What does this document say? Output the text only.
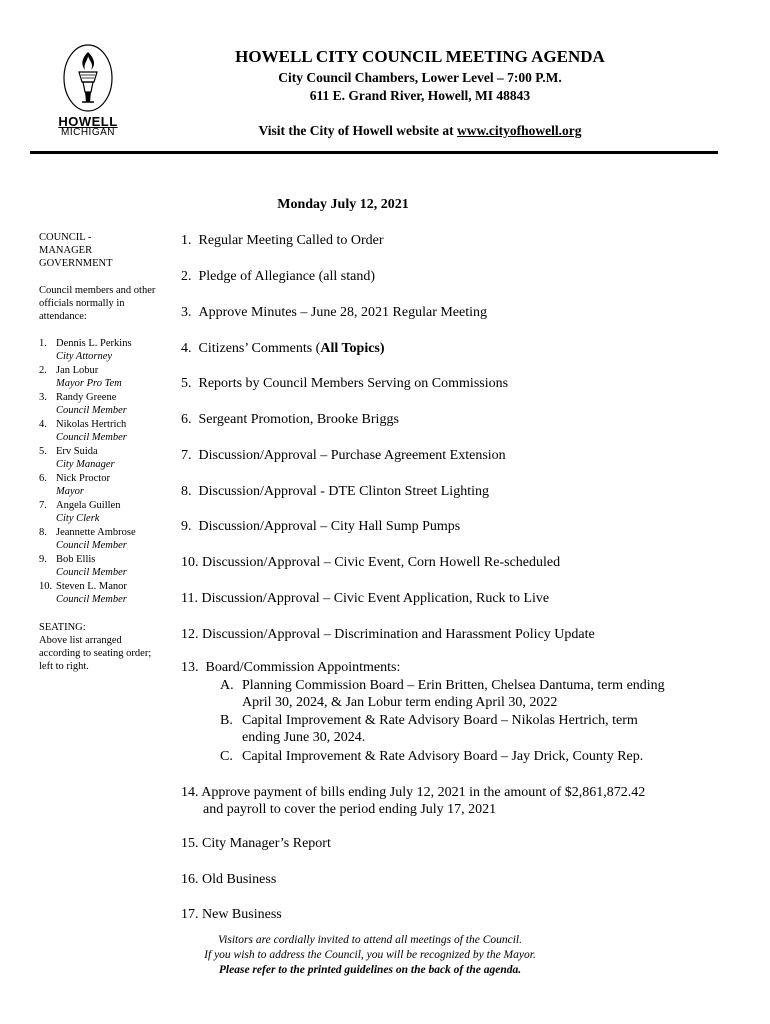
HOWELL
MICHIGAN
HOWELL CITY COUNCIL MEETING AGENDA
City Council Chambers, Lower Level – 7:00 P.M.
611 E. Grand River, Howell, MI 48843
Visit the City of Howell website at www.cityofhowell.org
Monday July 12, 2021

COUNCIL -

MANAGER

GOVERNMENT

Council members and other officials normally in attendance:

1. Dennis L. Perkins
City Attorney
2. Jan Lobur
Mayor Pro Tem
3. Randy Greene
Council Member
4. Nikolas Hertrich
Council Member
5. Erv Suida
City Manager
6. Nick Proctor
Mayor
7. Angela Guillen
City Clerk
8. Jeannette Ambrose
Council Member
9. Bob Ellis
Council Member
10. Steven L. Manor
Council Member

SEATING:

Above list arranged according to seating order; left to right.

1.  Regular Meeting Called to Order
2.  Pledge of Allegiance (all stand)
3.  Approve Minutes – June 28, 2021 Regular Meeting
4.  Citizens’ Comments (All Topics)
5.  Reports by Council Members Serving on Commissions
6.  Sergeant Promotion, Brooke Briggs
7.  Discussion/Approval – Purchase Agreement Extension
8.  Discussion/Approval - DTE Clinton Street Lighting
9.  Discussion/Approval – City Hall Sump Pumps
10. Discussion/Approval – Civic Event, Corn Howell Re-scheduled
11. Discussion/Approval – Civic Event Application, Ruck to Live
12. Discussion/Approval – Discrimination and Harassment Policy Update
13.  Board/Commission Appointments:
A. Planning Commission Board – Erin Britten, Chelsea Dantuma, term ending
April 30, 2024, & Jan Lobur term ending April 30, 2022
B. Capital Improvement & Rate Advisory Board – Nikolas Hertrich, term
ending June 30, 2024.
C. Capital Improvement & Rate Advisory Board – Jay Drick, County Rep.
14. Approve payment of bills ending July 12, 2021 in the amount of $2,861,872.42
and payroll to cover the period ending July 17, 2021
15. City Manager’s Report
16. Old Business
17. New Business
Visitors are cordially invited to attend all meetings of the Council.
If you wish to address the Council, you will be recognized by the Mayor.
Please refer to the printed guidelines on the back of the agenda.
